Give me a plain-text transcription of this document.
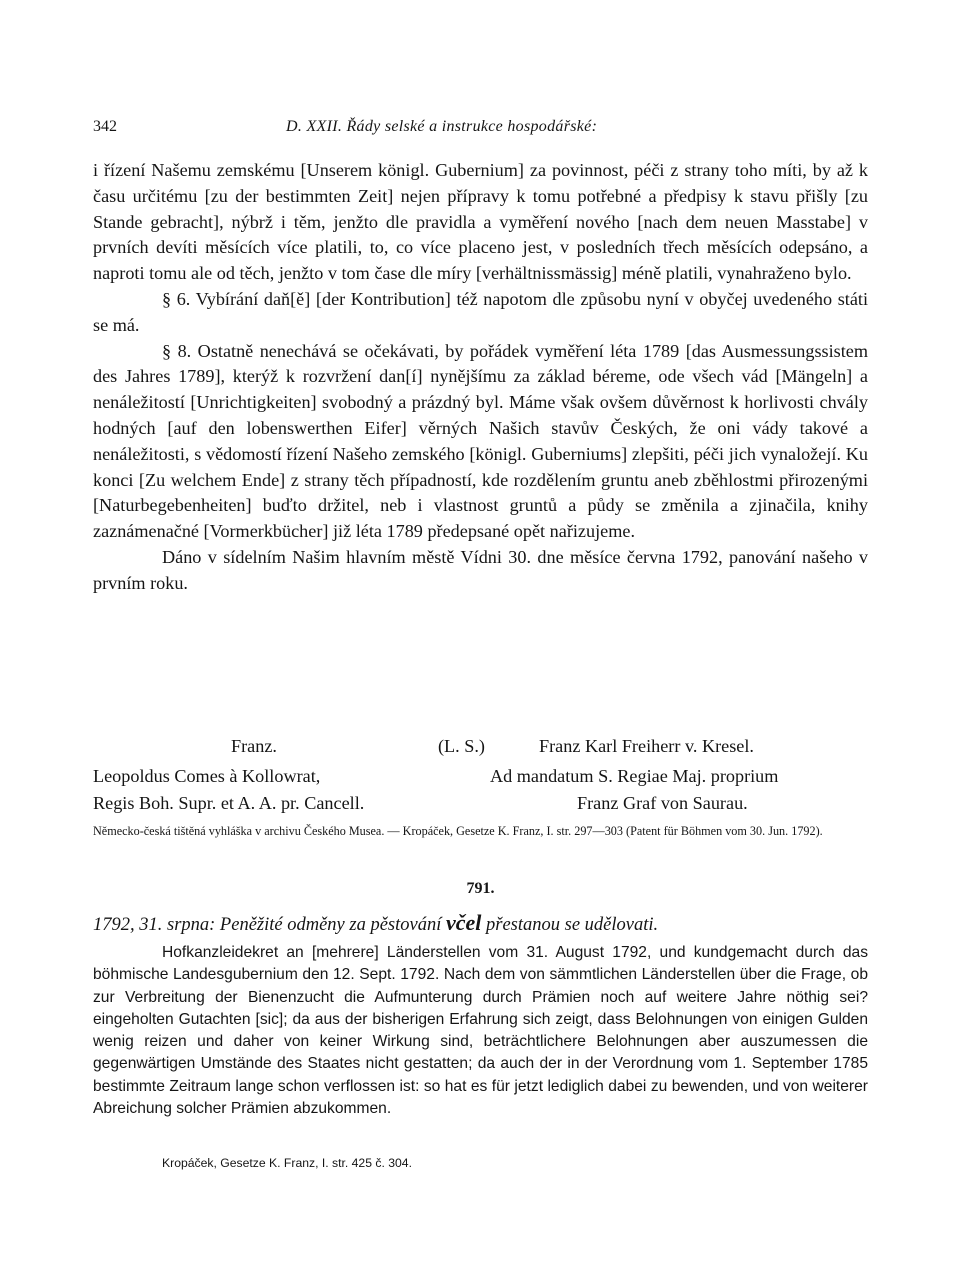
342	D. XXII. Řády selské a instrukce hospodářské:

i řízení Našemu zemskému [Unserem königl. Gubernium] za povinnost, péči z strany toho míti, by až k času určitému [zu der bestimmten Zeit] nejen přípravy k tomu potřebné a předpisy k stavu přišly [zu Stande gebracht], nýbrž i těm, jenžto dle pravidla a vyměření nového [nach dem neuen Masstabe] v prvních devíti měsících více platili, to, co více placeno jest, v posledních třech měsících odepsáno, a naproti tomu ale od těch, jenžto v tom čase dle míry [verhältnissmässig] méně platili, vynahraženo bylo.

§ 6. Vybírání daň[ě] [der Kontribution] též napotom dle způsobu nyní v obyčej uvedeného státi se má.

§ 8. Ostatně nenechává se očekávati, by pořádek vyměření léta 1789 [das Ausmessungssistem des Jahres 1789], kterýž k rozvržení dan[í] nynějšímu za základ béreme, ode všech vád [Mängeln] a nenáležitostí [Unrichtigkeiten] svobodný a prázdný byl. Máme však ovšem důvěrnost k horlivosti chvály hodných [auf den lobenswerthen Eifer] věrných Našich stavův Českých, že oni vády takové a nenáležitosti, s vědomostí řízení Našeho zemského [königl. Guberniums] zlepšiti, péči jich vynaložejí. Ku konci [Zu welchem Ende] z strany těch případností, kde rozdělením gruntu aneb zběhlostmi přirozenými [Naturbegebenheiten] buďto držitel, neb i vlastnost gruntů a půdy se změnila a zjinačila, knihy zaznámenačné [Vormerkbücher] již léta 1789 předepsané opět nařizujeme.

Dáno v sídelním Našim hlavním městě Vídni 30. dne měsíce června 1792, panování našeho v prvním roku.

Franz.	(L. S.)	Franz Karl Freiherr v. Kresel.
Leopoldus Comes à Kollowrat,	Ad mandatum S. Regiae Maj. proprium
Regis Boh. Supr. et A. A. pr. Cancell.	Franz Graf von Saurau.
Německo-česká tištěná vyhláška v archivu Českého Musea. — Kropáček, Gesetze K. Franz, I. str. 297—303 (Patent für Böhmen vom 30. Jun. 1792).
791.
1792, 31. srpna: Peněžité odměny za pěstování včel přestanou se udělovati.

Hofkanzleidekret an [mehrere] Länderstellen vom 31. August 1792, und kundgemacht durch das böhmische Landesgubernium den 12. Sept. 1792. Nach dem von sämmtlichen Länderstellen über die Frage, ob zur Verbreitung der Bienenzucht die Aufmunterung durch Prämien noch auf weitere Jahre nöthig sei? eingeholten Gutachten [sic]; da aus der bisherigen Erfahrung sich zeigt, dass Belohnungen von einigen Gulden wenig reizen und daher von keiner Wirkung sind, beträchtlichere Belohnungen aber auszumessen die gegenwärtigen Umstände des Staates nicht gestatten; da auch der in der Verordnung vom 1. September 1785 bestimmte Zeitraum lange schon verflossen ist: so hat es für jetzt lediglich dabei zu bewenden, und von weiterer Abreichung solcher Prämien abzukommen.

Kropáček, Gesetze K. Franz, I. str. 425 č. 304.
